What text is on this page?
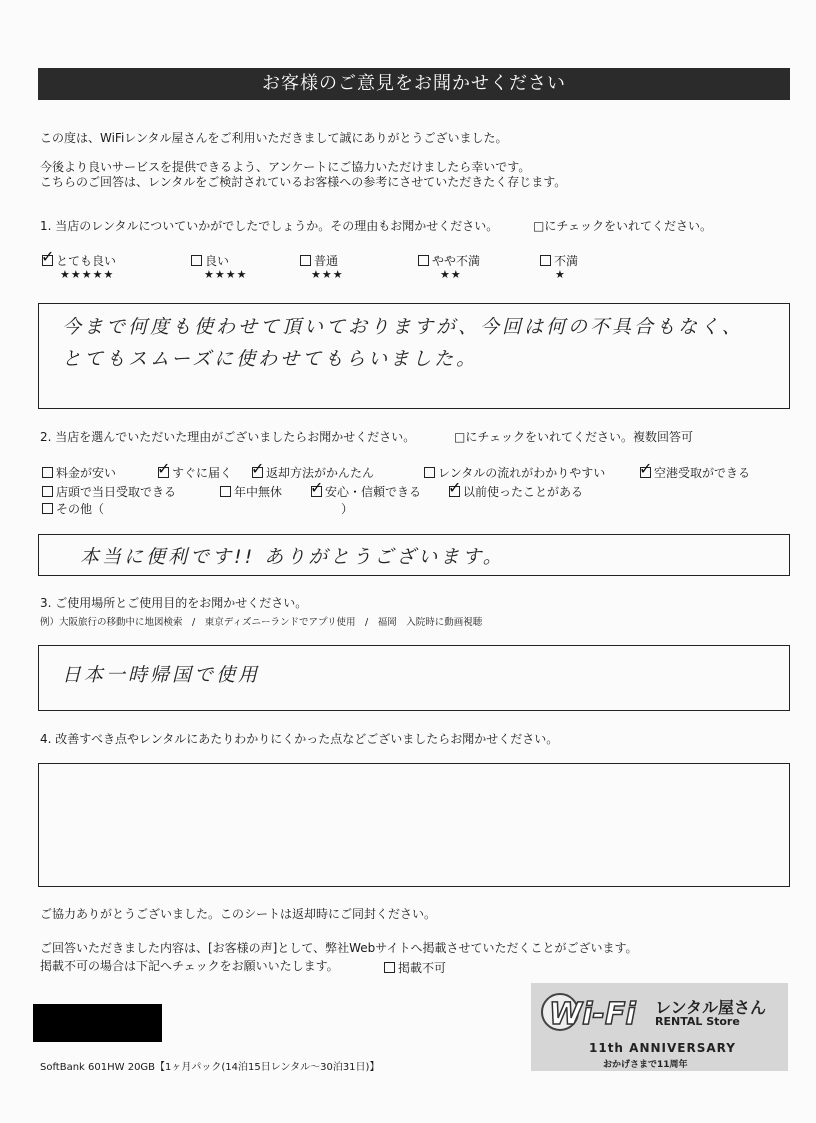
お客様のご意見をお聞かせください
この度は、WiFiレンタル屋さんをご利用いただきまして誠にありがとうございました。
今後より良いサービスを提供できるよう、アンケートにご協力いただけましたら幸いです。
こちらのご回答は、レンタルをご検討されているお客様への参考にさせていただきたく存じます。
1. 当店のレンタルについていかがでしたでしょうか。その理由もお聞かせください。	□にチェックをいれてください。
✓とても良い
★★★★★
良い
★★★★
普通
★★★
やや不満
★★
不満
★
今まで何度も使わせて頂いておりますが、今回は何の不具合もなく、
とてもスムーズに使わせてもらいました。
2. 当店を選んでいただいた理由がございましたらお聞かせください。	□にチェックをいれてください。複数回答可
料金が安い ✓	すぐに届く ✓	返却方法がかんたん	レンタルの流れがわかりやすい ✓	空港受取ができる
店頭で当日受取できる	年中無休 ✓	安心・信頼できる ✓	以前使ったことがある
その他（	）
本当に便利です!! ありがとうございます。
3. ご使用場所とご使用目的をお聞かせください。
例）大阪旅行の移動中に地図検索　/　東京ディズニーランドでアプリ使用　/　福岡　入院時に動画視聴
日本一時帰国で使用
4. 改善すべき点やレンタルにあたりわかりにくかった点などございましたらお聞かせください。
ご協力ありがとうございました。このシートは返却時にご同封ください。
ご回答いただきました内容は、[お客様の声]として、弊社Webサイトへ掲載させていただくことがございます。
掲載不可の場合は下記へチェックをお願いいたします。	掲載不可
SoftBank 601HW 20GB【1ヶ月パック(14泊15日レンタル～30泊31日)】
Wi-Fi レンタル屋さん
RENTAL Store
11th ANNIVERSARY
おかげさまで11周年
